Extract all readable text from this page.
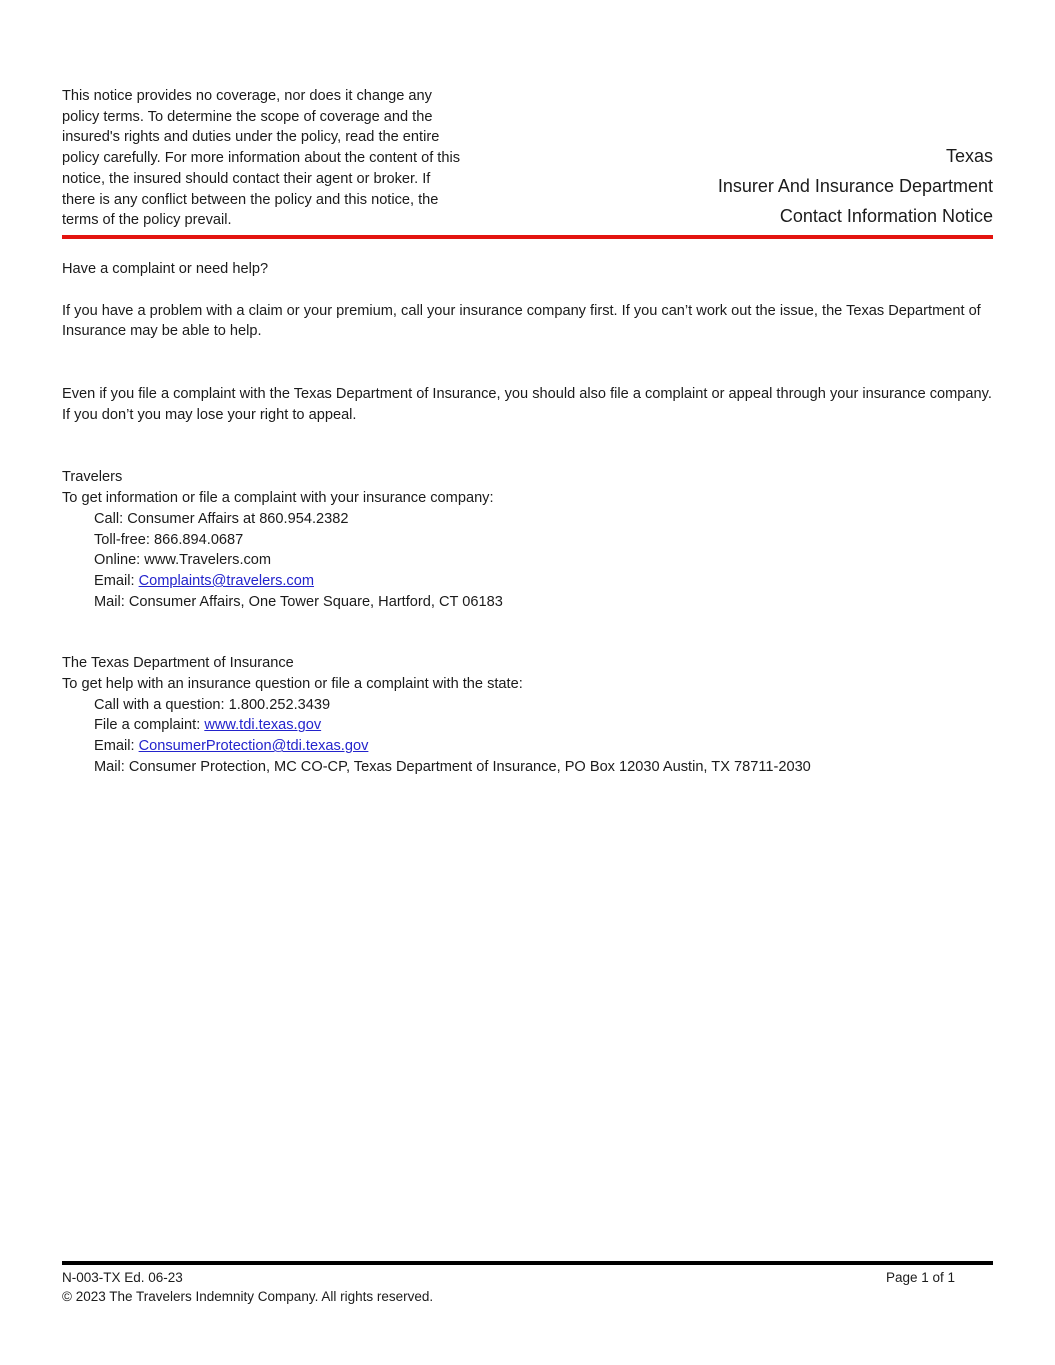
This notice provides no coverage, nor does it change any policy terms. To determine the scope of coverage and the insured's rights and duties under the policy, read the entire policy carefully. For more information about the content of this notice, the insured should contact their agent or broker. If there is any conflict between the policy and this notice, the terms of the policy prevail.
Texas
Insurer And Insurance Department
Contact Information Notice
Have a complaint or need help?
If you have a problem with a claim or your premium, call your insurance company first. If you can’t work out the issue, the Texas Department of Insurance may be able to help.
Even if you file a complaint with the Texas Department of Insurance, you should also file a complaint or appeal through your insurance company. If you don’t you may lose your right to appeal.
Travelers
To get information or file a complaint with your insurance company:
Call: Consumer Affairs at 860.954.2382
Toll-free: 866.894.0687
Online: www.Travelers.com
Email: Complaints@travelers.com
Mail: Consumer Affairs, One Tower Square, Hartford, CT 06183
The Texas Department of Insurance
To get help with an insurance question or file a complaint with the state:
Call with a question: 1.800.252.3439
File a complaint: www.tdi.texas.gov
Email: ConsumerProtection@tdi.texas.gov
Mail: Consumer Protection, MC CO-CP, Texas Department of Insurance, PO Box 12030 Austin, TX 78711-2030
N-003-TX Ed. 06-23	Page 1 of 1
© 2023 The Travelers Indemnity Company. All rights reserved.
